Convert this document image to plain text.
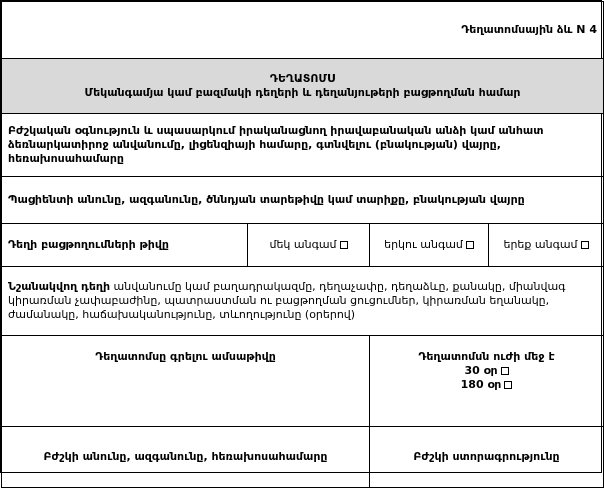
Դեղատոմսային ձև N 4			

ԴԵՂԱՏՈՄՍ
Մեկանգամյա կամ բազմակի դեղերի և դեղանյութերի բացթողման համար			

Բժշկական օգնություն և սպասարկում իրականացնող իրավաբանական անձի կամ անհատ ձեռնարկատիրոջ անվանումը, լիցենզիայի համարը, գտնվելու (բնակության) վայրը, հեռախոսահամարը			
Պացիենտի անունը, ազգանունը, ծննդյան տարեթիվը կամ տարիքը, բնակության վայրը			
Դեղի բացթողումների թիվը	մեկ անգամ	երկու անգամ	երեք անգամ
Նշանակվող դեղի անվանումը կամ բաղադրակազմը, դեղաչափը, դեղաձևը, քանակը, միանվագ կիրառման չափաբաժինը, պատրաստման ու բացթողման ցուցումներ, կիրառման եղանակը, ժամանակը, հաճախականությունը, տևողությունը (օրերով)			
Դեղատոմսը գրելու ամսաթիվը		Դեղատոմսն ուժի մեջ է
30 օր
180 օր	

Բժշկի անունը, ազգանունը, հեռախոսահամարը		Բժշկի ստորագրությունը	
